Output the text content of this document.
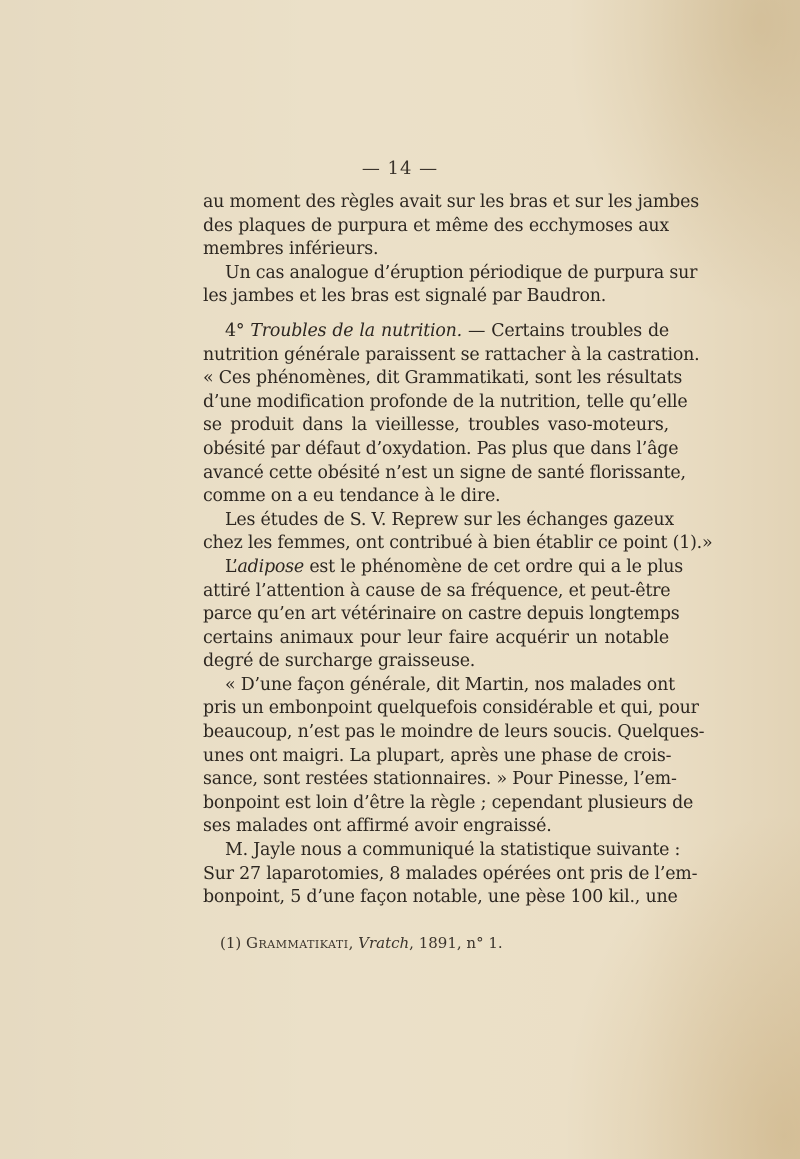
— 14 —
au moment des règles avait sur les bras et sur les jambes
des plaques de purpura et même des ecchymoses aux
membres inférieurs.
Un cas analogue d’éruption périodique de purpura sur
les jambes et les bras est signalé par Baudron.
4° Troubles de la nutrition. — Certains troubles de
nutrition générale paraissent se rattacher à la castration.
« Ces phénomènes, dit Grammatikati, sont les résultats
d’une modification profonde de la nutrition, telle qu’elle
se produit dans la vieillesse, troubles vaso-moteurs,
obésité par défaut d’oxydation. Pas plus que dans l’âge
avancé cette obésité n’est un signe de santé florissante,
comme on a eu tendance à le dire.
Les études de S. V. Reprew sur les échanges gazeux
chez les femmes, ont contribué à bien établir ce point (1).»
L’adipose est le phénomène de cet ordre qui a le plus
attiré l’attention à cause de sa fréquence, et peut-être
parce qu’en art vétérinaire on castre depuis longtemps
certains animaux pour leur faire acquérir un notable
degré de surcharge graisseuse.
« D’une façon générale, dit Martin, nos malades ont
pris un embonpoint quelquefois considérable et qui, pour
beaucoup, n’est pas le moindre de leurs soucis. Quelques-
unes ont maigri. La plupart, après une phase de crois-
sance, sont restées stationnaires. » Pour Pinesse, l’em-
bonpoint est loin d’être la règle ; cependant plusieurs de
ses malades ont affirmé avoir engraissé.
M. Jayle nous a communiqué la statistique suivante :
Sur 27 laparotomies, 8 malades opérées ont pris de l’em-
bonpoint, 5 d’une façon notable, une pèse 100 kil., une
(1) Grammatikati, Vratch, 1891, n° 1.
